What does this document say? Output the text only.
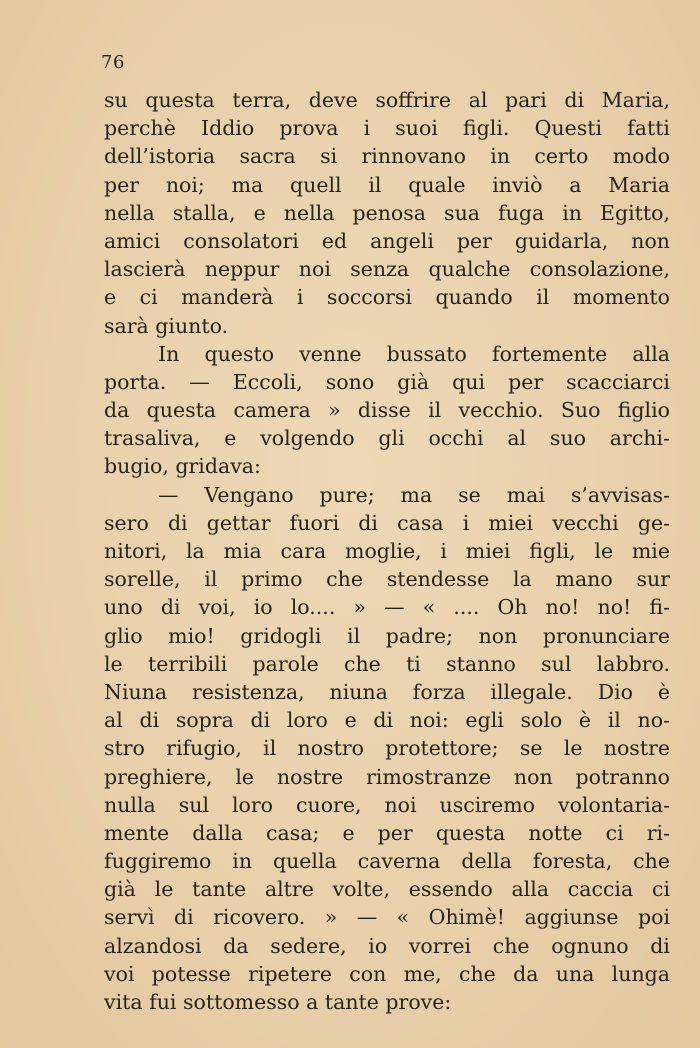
76
su questa terra, deve soffrire al pari di Maria,
perchè Iddio prova i suoi figli. Questi fatti
dell’istoria sacra si rinnovano in certo modo
per noi; ma quell il quale inviò a Maria
nella stalla, e nella penosa sua fuga in Egitto,
amici consolatori ed angeli per guidarla, non
lascierà neppur noi senza qualche consolazione,
e ci manderà i soccorsi quando il momento
sarà giunto.
In questo venne bussato fortemente alla
porta. — Eccoli, sono già qui per scacciarci
da questa camera » disse il vecchio. Suo figlio
trasaliva, e volgendo gli occhi al suo archi-
bugio, gridava:
— Vengano pure; ma se mai s’avvisas-
sero di gettar fuori di casa i miei vecchi ge-
nitori, la mia cara moglie, i miei figli, le mie
sorelle, il primo che stendesse la mano sur
uno di voi, io lo.... » — « .... Oh no! no! fi-
glio mio! gridogli il padre; non pronunciare
le terribili parole che ti stanno sul labbro.
Niuna resistenza, niuna forza illegale. Dio è
al di sopra di loro e di noi: egli solo è il no-
stro rifugio, il nostro protettore; se le nostre
preghiere, le nostre rimostranze non potranno
nulla sul loro cuore, noi usciremo volontaria-
mente dalla casa; e per questa notte ci ri-
fuggiremo in quella caverna della foresta, che
già le tante altre volte, essendo alla caccia ci
servì di ricovero. » — « Ohimè! aggiunse poi
alzandosi da sedere, io vorrei che ognuno di
voi potesse ripetere con me, che da una lunga
vita fui sottomesso a tante prove:
